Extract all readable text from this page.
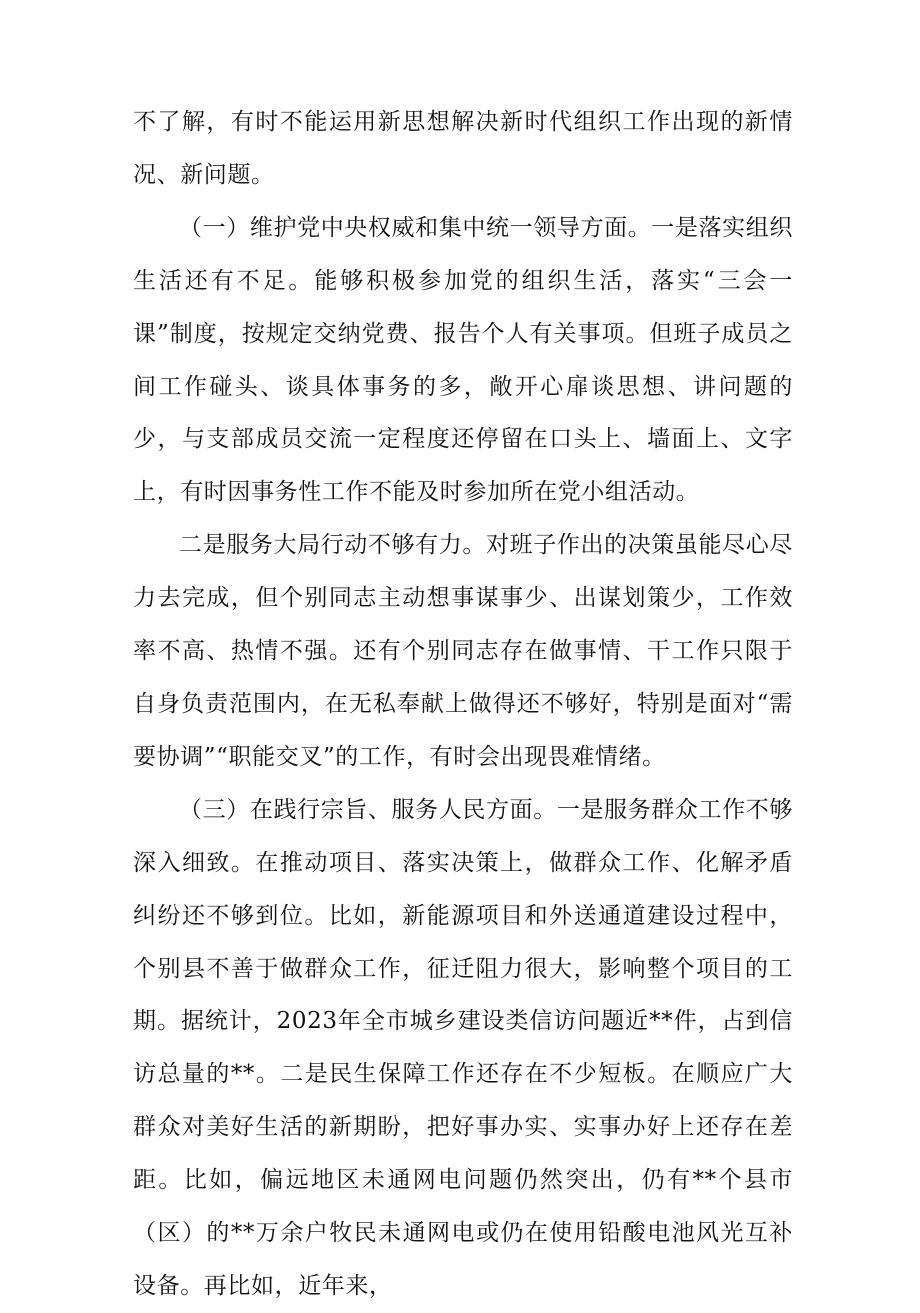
不了解，有时不能运用新思想解决新时代组织工作出现的新情况、新问题。

（一）维护党中央权威和集中统一领导方面。一是落实组织生活还有不足。能够积极参加党的组织生活，落实“三会一课”制度，按规定交纳党费、报告个人有关事项。但班子成员之间工作碰头、谈具体事务的多，敞开心扉谈思想、讲问题的少，与支部成员交流一定程度还停留在口头上、墙面上、文字上，有时因事务性工作不能及时参加所在党小组活动。

二是服务大局行动不够有力。对班子作出的决策虽能尽心尽力去完成，但个别同志主动想事谋事少、出谋划策少，工作效率不高、热情不强。还有个别同志存在做事情、干工作只限于自身负责范围内，在无私奉献上做得还不够好，特别是面对“需要协调”“职能交叉”的工作，有时会出现畏难情绪。

（三）在践行宗旨、服务人民方面。一是服务群众工作不够深入细致。在推动项目、落实决策上，做群众工作、化解矛盾纠纷还不够到位。比如，新能源项目和外送通道建设过程中，个别县不善于做群众工作，征迁阻力很大，影响整个项目的工期。据统计，2023年全市城乡建设类信访问题近**件，占到信访总量的**。二是民生保障工作还存在不少短板。在顺应广大群众对美好生活的新期盼，把好事办实、实事办好上还存在差距。比如，偏远地区未通网电问题仍然突出，仍有**个县市（区）的**万余户牧民未通网电或仍在使用铅酸电池风光互补设备。再比如，近年来，
